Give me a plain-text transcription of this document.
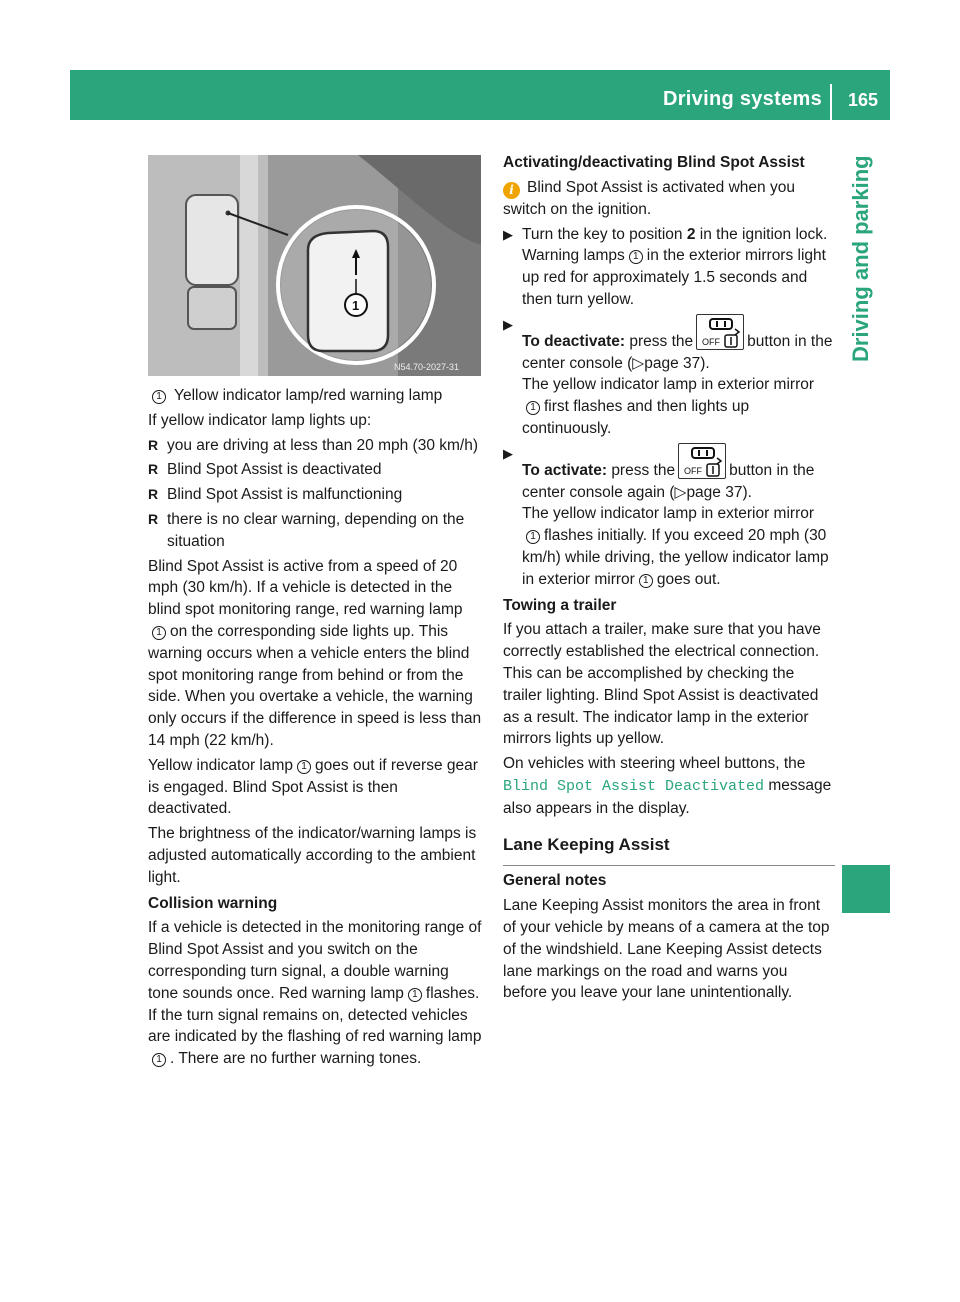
Driving systems 165
Driving and parking
1
N54.70-2027-31

1 Yellow indicator lamp/red warning lamp

If yellow indicator lamp lights up:

R you are driving at less than 20 mph (30 km/h)
R Blind Spot Assist is deactivated
R Blind Spot Assist is malfunctioning
R there is no clear warning, depending on the situation

Blind Spot Assist is active from a speed of 20 mph (30 km/h). If a vehicle is detected in the blind spot monitoring range, red warning lamp1 on the corresponding side lights up. This warning occurs when a vehicle enters the blind spot monitoring range from behind or from the side. When you overtake a vehicle, the warning only occurs if the difference in speed is less than 14 mph (22 km/h).

Yellow indicator lamp 1 goes out if reverse gear is engaged. Blind Spot Assist is then deactivated.

The brightness of the indicator/warning lamps is adjusted automatically according to the ambient light.

Collision warning

If a vehicle is detected in the monitoring range of Blind Spot Assist and you switch on the corresponding turn signal, a double warning tone sounds once. Red warning lamp 1 flashes. If the turn signal remains on, detected vehicles are indicated by the flashing of red warning lamp1 . There are no further warning tones.

Activating/deactivating Blind Spot Assist

i Blind Spot Assist is activated when you switch on the ignition.

▶ Turn the key to position 2 in the ignition lock.
Warning lamps 1 in the exterior mirrors light up red for approximately 1.5 seconds and then turn yellow.
▶
To deactivate: press the OFF button in the center console (▷page 37).
The yellow indicator lamp in exterior mirror1 first flashes and then lights up continuously.
▶
To activate: press the OFF button in the center console again (▷page 37).
The yellow indicator lamp in exterior mirror1 flashes initially. If you exceed 20 mph (30 km/h) while driving, the yellow indicator lamp in exterior mirror 1 goes out.

Towing a trailer

If you attach a trailer, make sure that you have correctly established the electrical connection. This can be accomplished by checking the trailer lighting. Blind Spot Assist is deactivated as a result. The indicator lamp in the exterior mirrors lights up yellow.

On vehicles with steering wheel buttons, the Blind Spot Assist Deactivated message also appears in the display.

Lane Keeping Assist

General notes

Lane Keeping Assist monitors the area in front of your vehicle by means of a camera at the top of the windshield. Lane Keeping Assist detects lane markings on the road and warns you before you leave your lane unintentionally.
